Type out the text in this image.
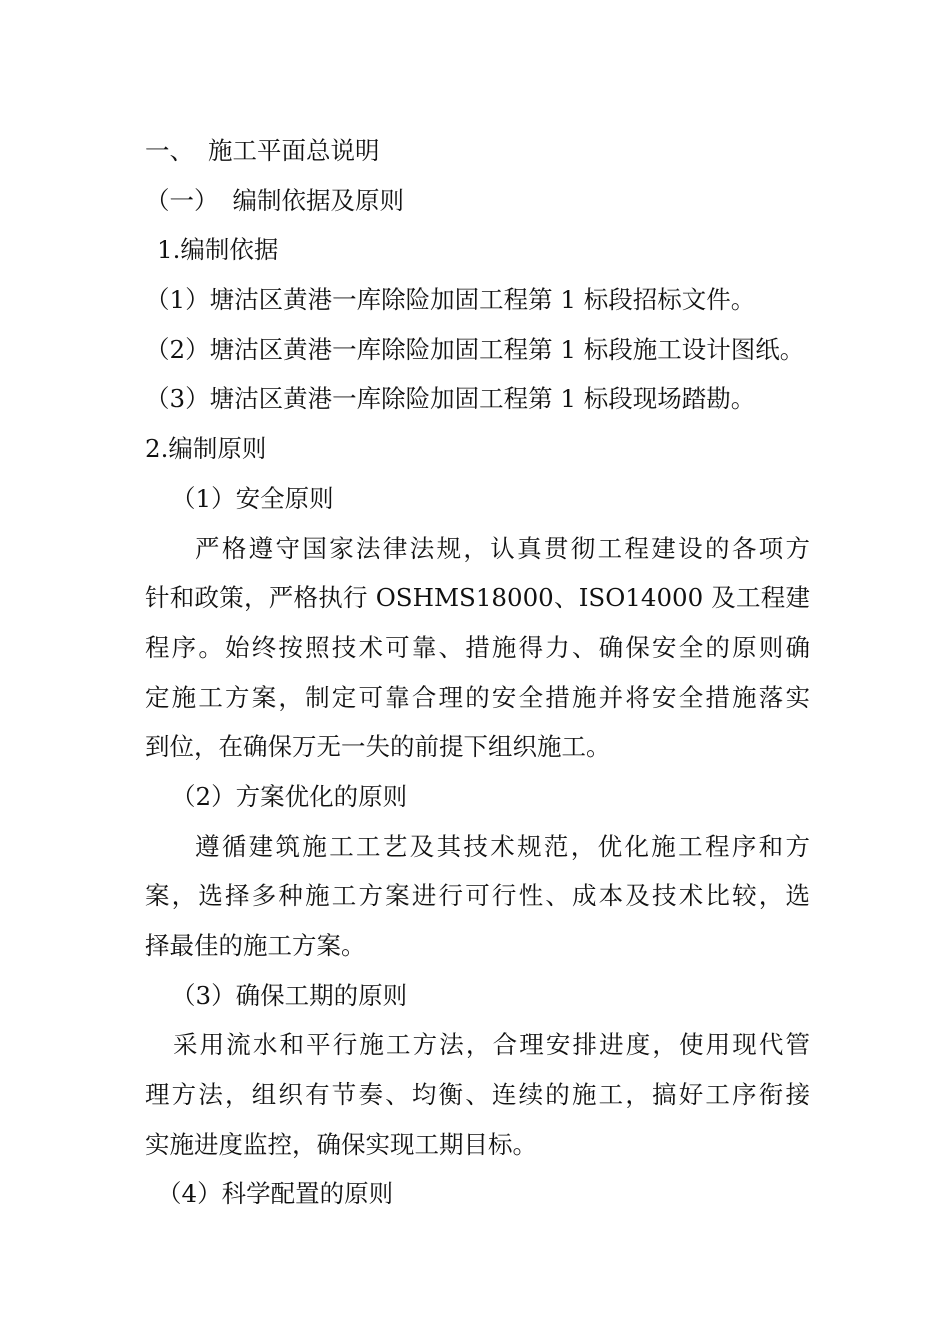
一、 施工平面总说明
（一） 编制依据及原则
1.编制依据
（1）塘沽区黄港一库除险加固工程第 1 标段招标文件。
（2）塘沽区黄港一库除险加固工程第 1 标段施工设计图纸。
（3）塘沽区黄港一库除险加固工程第 1 标段现场踏勘。
2.编制原则
（1）安全原则
严格遵守国家法律法规，认真贯彻工程建设的各项方
针和政策，严格执行 OSHMS18000、ISO14000 及工程建
程序。始终按照技术可靠、措施得力、确保安全的原则确
定施工方案，制定可靠合理的安全措施并将安全措施落实
到位，在确保万无一失的前提下组织施工。
（2）方案优化的原则
遵循建筑施工工艺及其技术规范，优化施工程序和方
案，选择多种施工方案进行可行性、成本及技术比较，选
择最佳的施工方案。
（3）确保工期的原则
采用流水和平行施工方法，合理安排进度，使用现代管
理方法，组织有节奏、均衡、连续的施工，搞好工序衔接
实施进度监控，确保实现工期目标。
（4）科学配置的原则
